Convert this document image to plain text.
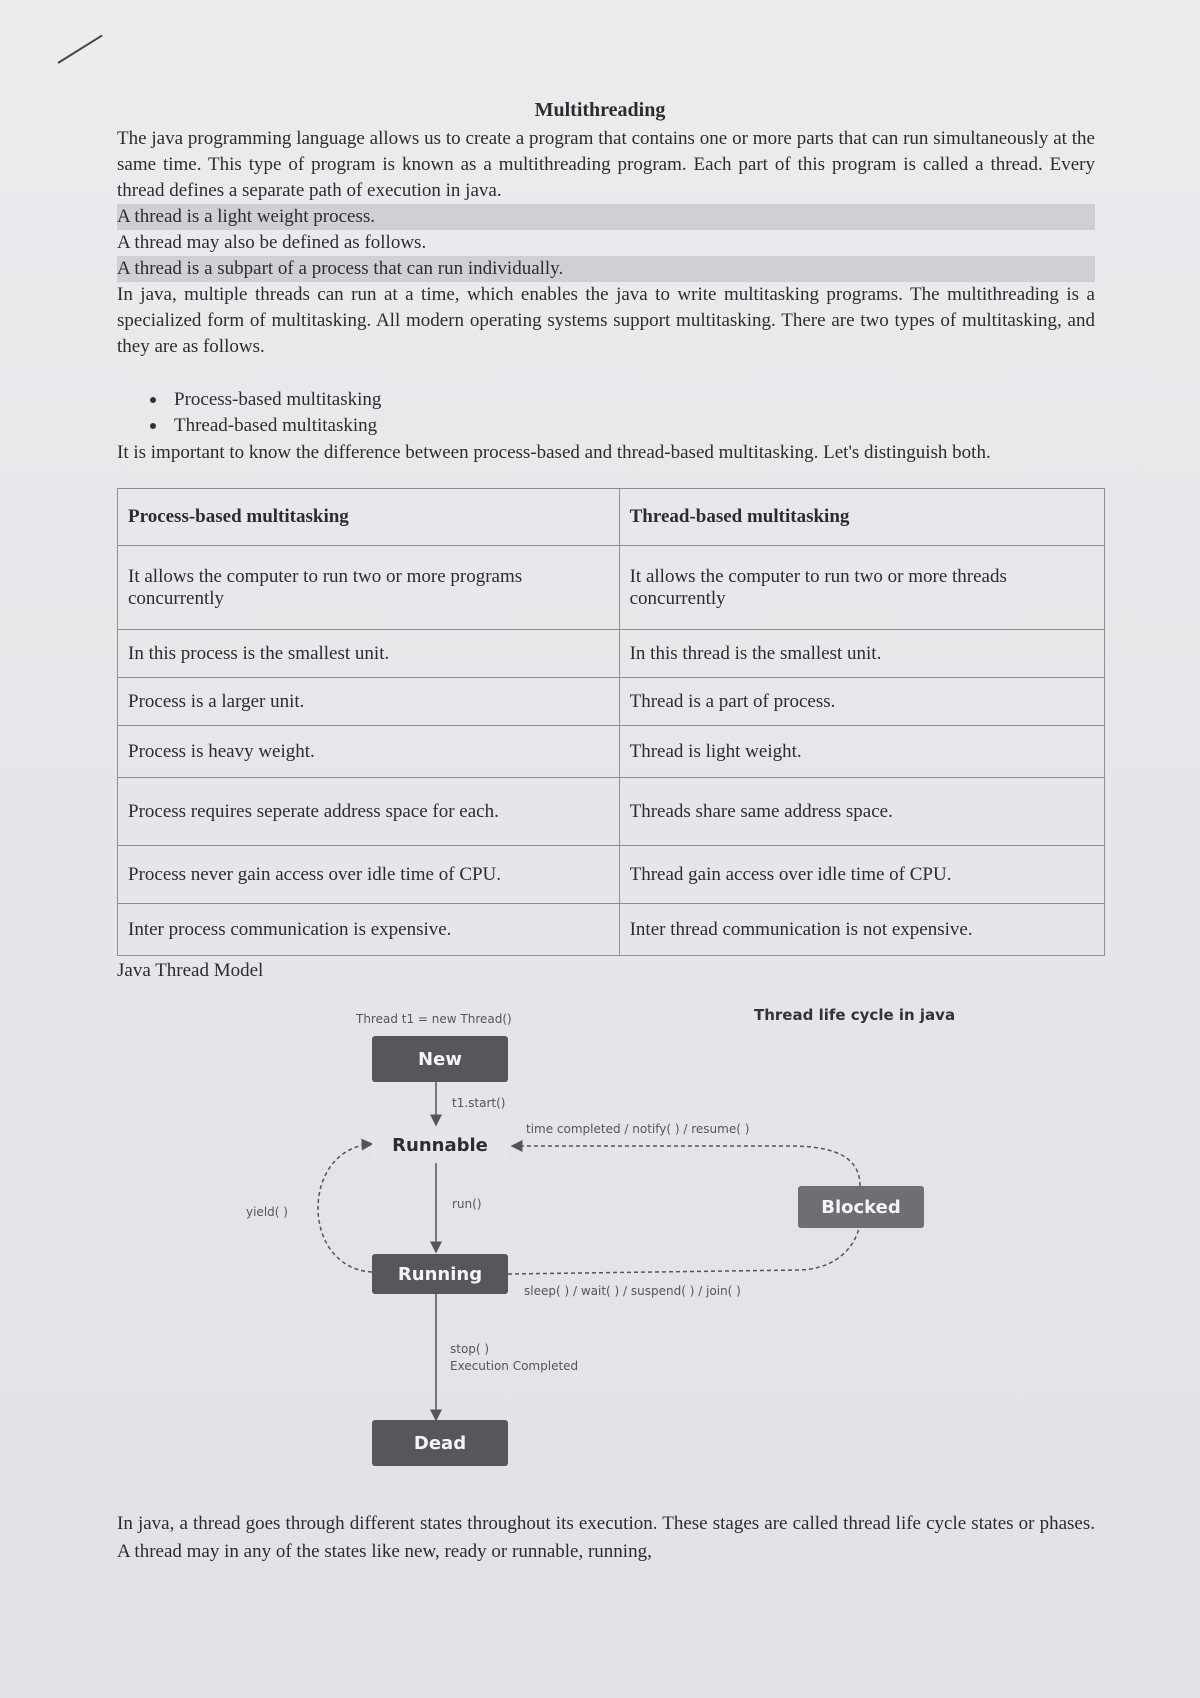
Multithreading
The java programming language allows us to create a program that contains one or more parts that can run simultaneously at the same time. This type of program is known as a multithreading program. Each part of this program is called a thread. Every thread defines a separate path of execution in java.
A thread is a light weight process.
A thread may also be defined as follows.
A thread is a subpart of a process that can run individually.
In java, multiple threads can run at a time, which enables the java to write multitasking programs. The multithreading is a specialized form of multitasking. All modern operating systems support multitasking. There are two types of multitasking, and they are as follows.
Process-based multitasking
Thread-based multitasking
It is important to know the difference between process-based and thread-based multitasking. Let's distinguish both.
Process-based multitasking	Thread-based multitasking
It allows the computer to run two or more programs concurrently	It allows the computer to run two or more threads concurrently
In this process is the smallest unit.	In this thread is the smallest unit.
Process is a larger unit.	Thread is a part of process.
Process is heavy weight.	Thread is light weight.
Process requires seperate address space for each.	Threads share same address space.
Process never gain access over idle time of CPU.	Thread gain access over idle time of CPU.
Inter process communication is expensive.	Inter thread communication is not expensive.
Java Thread Model
Thread life cycle in java
Thread t1 = new Thread()
New
t1.start()
Runnable
time completed / notify( ) / resume( )
run()
yield( )	Blocked
Running
sleep( ) / wait( ) / suspend( ) / join( )
stop( )
Execution Completed
Dead
In java, a thread goes through different states throughout its execution. These stages are called thread life cycle states or phases. A thread may in any of the states like new, ready or runnable, running,
